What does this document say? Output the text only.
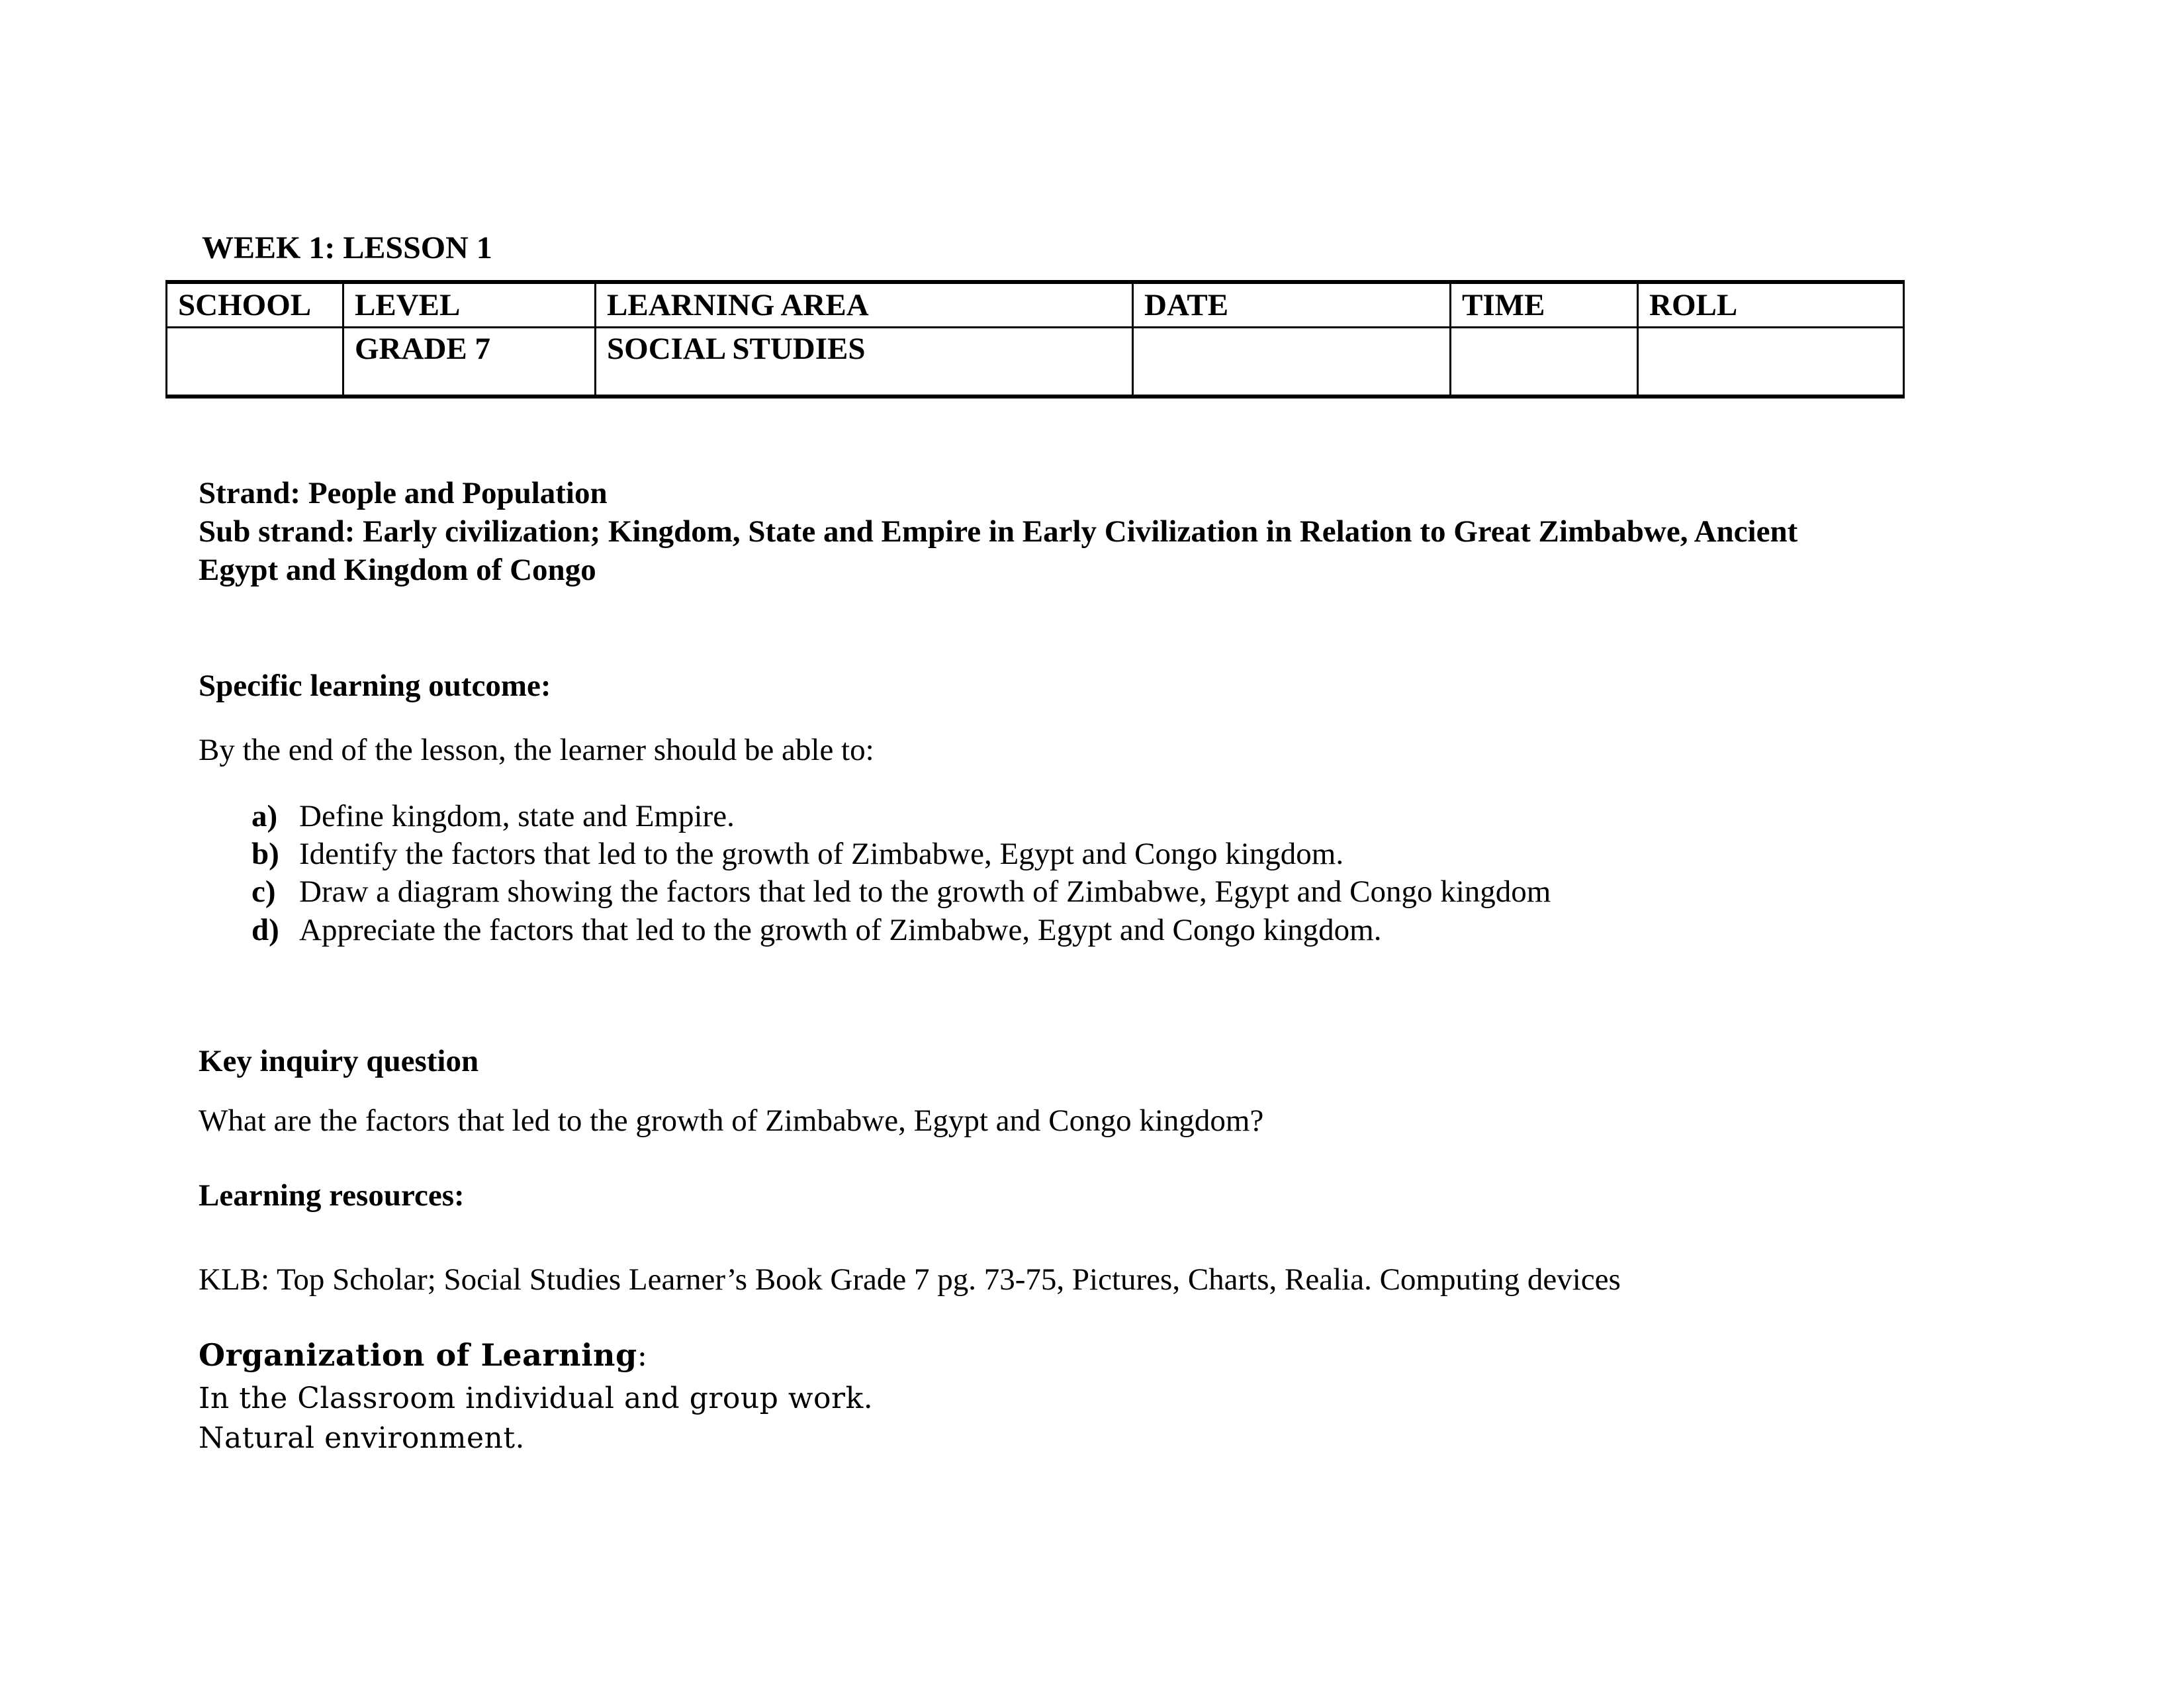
WEEK 1: LESSON 1
SCHOOL	LEVEL	LEARNING AREA	DATE	TIME	ROLL
	GRADE 7	SOCIAL STUDIES			
Strand: People and Population
Sub strand: Early civilization; Kingdom, State and Empire in Early Civilization in Relation to Great Zimbabwe, Ancient
Egypt and Kingdom of Congo
Specific learning outcome:
By the end of the lesson, the learner should be able to:
a) Define kingdom, state and Empire.
b) Identify the factors that led to the growth of Zimbabwe, Egypt and Congo kingdom.
c) Draw a diagram showing the factors that led to the growth of Zimbabwe, Egypt and Congo kingdom
d) Appreciate the factors that led to the growth of Zimbabwe, Egypt and Congo kingdom.
Key inquiry question
What are the factors that led to the growth of Zimbabwe, Egypt and Congo kingdom?
Learning resources:
KLB: Top Scholar; Social Studies Learner’s Book Grade 7 pg. 73-75, Pictures, Charts, Realia. Computing devices
Organization of Learning:
In the Classroom individual and group work.
Natural environment.
